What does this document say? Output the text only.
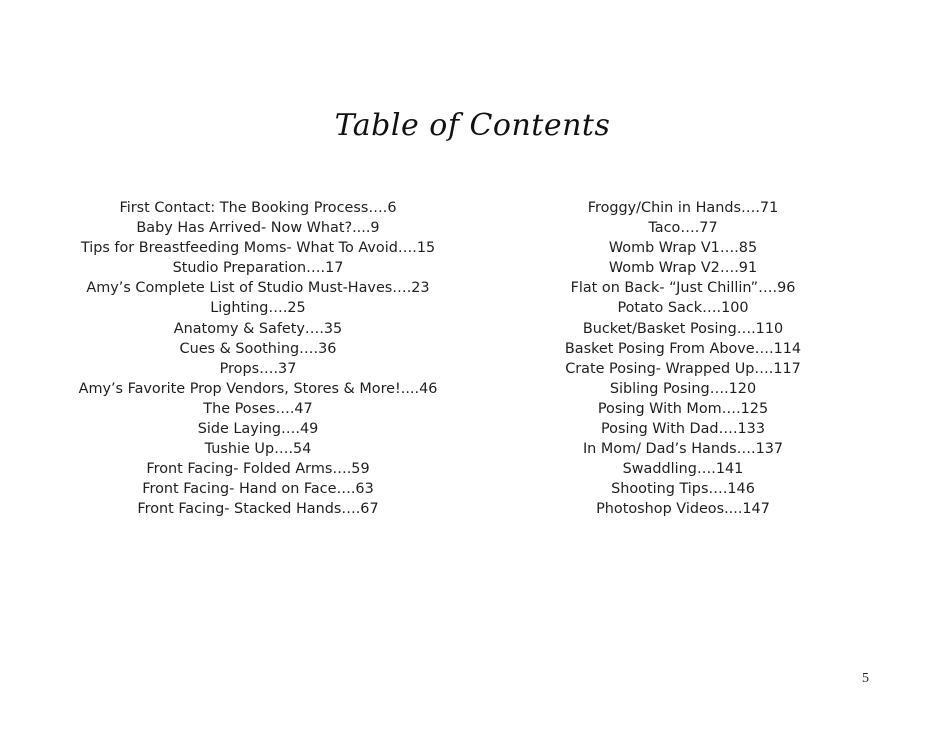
Table of Contents
First Contact: The Booking Process….6
Baby Has Arrived- Now What?....9
Tips for Breastfeeding Moms- What To Avoid….15
Studio Preparation….17
Amy’s Complete List of Studio Must-Haves….23
Lighting….25
Anatomy & Safety….35
Cues & Soothing….36
Props….37
Amy’s Favorite Prop Vendors, Stores & More!....46
The Poses….47
Side Laying….49
Tushie Up….54
Front Facing- Folded Arms….59
Front Facing- Hand on Face….63
Front Facing- Stacked Hands….67
Froggy/Chin in Hands….71
Taco….77
Womb Wrap V1….85
Womb Wrap V2….91
Flat on Back- “Just Chillin”….96
Potato Sack….100
Bucket/Basket Posing….110
Basket Posing From Above….114
Crate Posing- Wrapped Up….117
Sibling Posing….120
Posing With Mom….125
Posing With Dad….133
In Mom/ Dad’s Hands….137
Swaddling….141
Shooting Tips….146
Photoshop Videos....147
5
